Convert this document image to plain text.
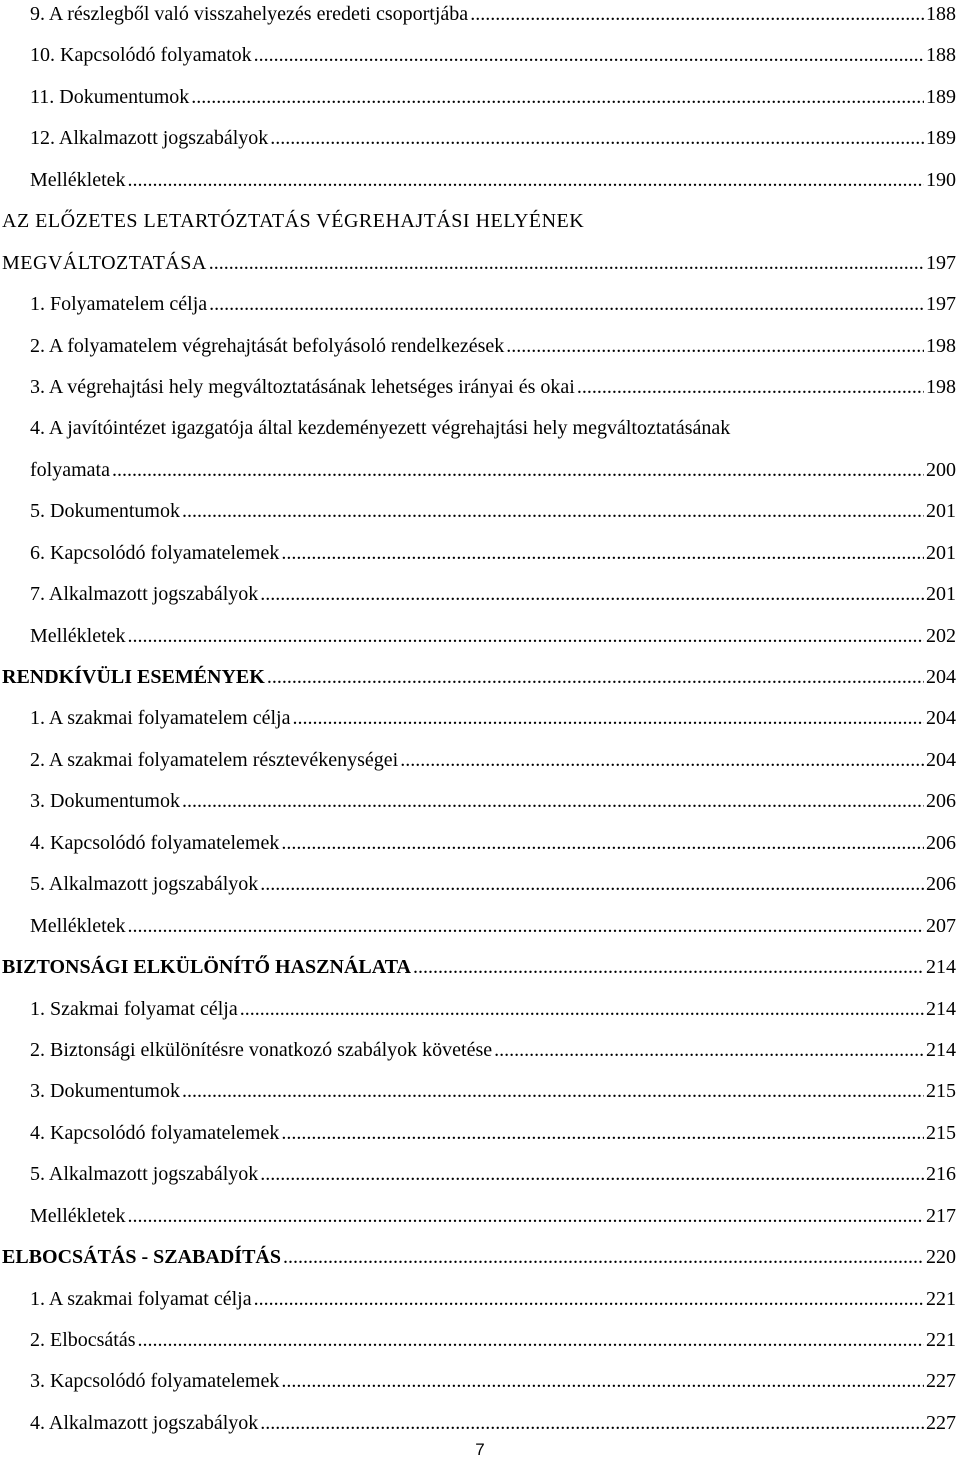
9. A részlegből való visszahelyezés eredeti csoportjába .....	188
10. Kapcsolódó folyamatok .....	188
11. Dokumentumok .....	189
12. Alkalmazott jogszabályok .....	189
Mellékletek .....	190
AZ ELŐZETES LETARTÓZTATÁS VÉGREHAJTÁSI HELYÉNEK
MEGVÁLTOZTATÁSA .....	197
1. Folyamatelem célja .....	197
2. A folyamatelem végrehajtását befolyásoló rendelkezések .....	198
3. A végrehajtási hely megváltoztatásának lehetséges irányai és okai .....	198
4. A javítóintézet igazgatója által kezdeményezett végrehajtási hely megváltoztatásának
folyamata .....	200
5. Dokumentumok .....	201
6. Kapcsolódó folyamatelemek .....	201
7. Alkalmazott jogszabályok .....	201
Mellékletek .....	202
RENDKÍVÜLI ESEMÉNYEK .....	204
1. A szakmai folyamatelem célja .....	204
2. A szakmai folyamatelem résztevékenységei .....	204
3. Dokumentumok .....	206
4. Kapcsolódó folyamatelemek .....	206
5. Alkalmazott jogszabályok .....	206
Mellékletek .....	207
BIZTONSÁGI ELKÜLÖNÍTŐ HASZNÁLATA .....	214
1. Szakmai folyamat célja .....	214
2. Biztonsági elkülönítésre vonatkozó szabályok követése .....	214
3. Dokumentumok .....	215
4. Kapcsolódó folyamatelemek .....	215
5. Alkalmazott jogszabályok .....	216
Mellékletek .....	217
ELBOCSÁTÁS - SZABADÍTÁS .....	220
1. A szakmai folyamat célja .....	221
2. Elbocsátás .....	221
3. Kapcsolódó folyamatelemek .....	227
4. Alkalmazott jogszabályok .....	227
7
